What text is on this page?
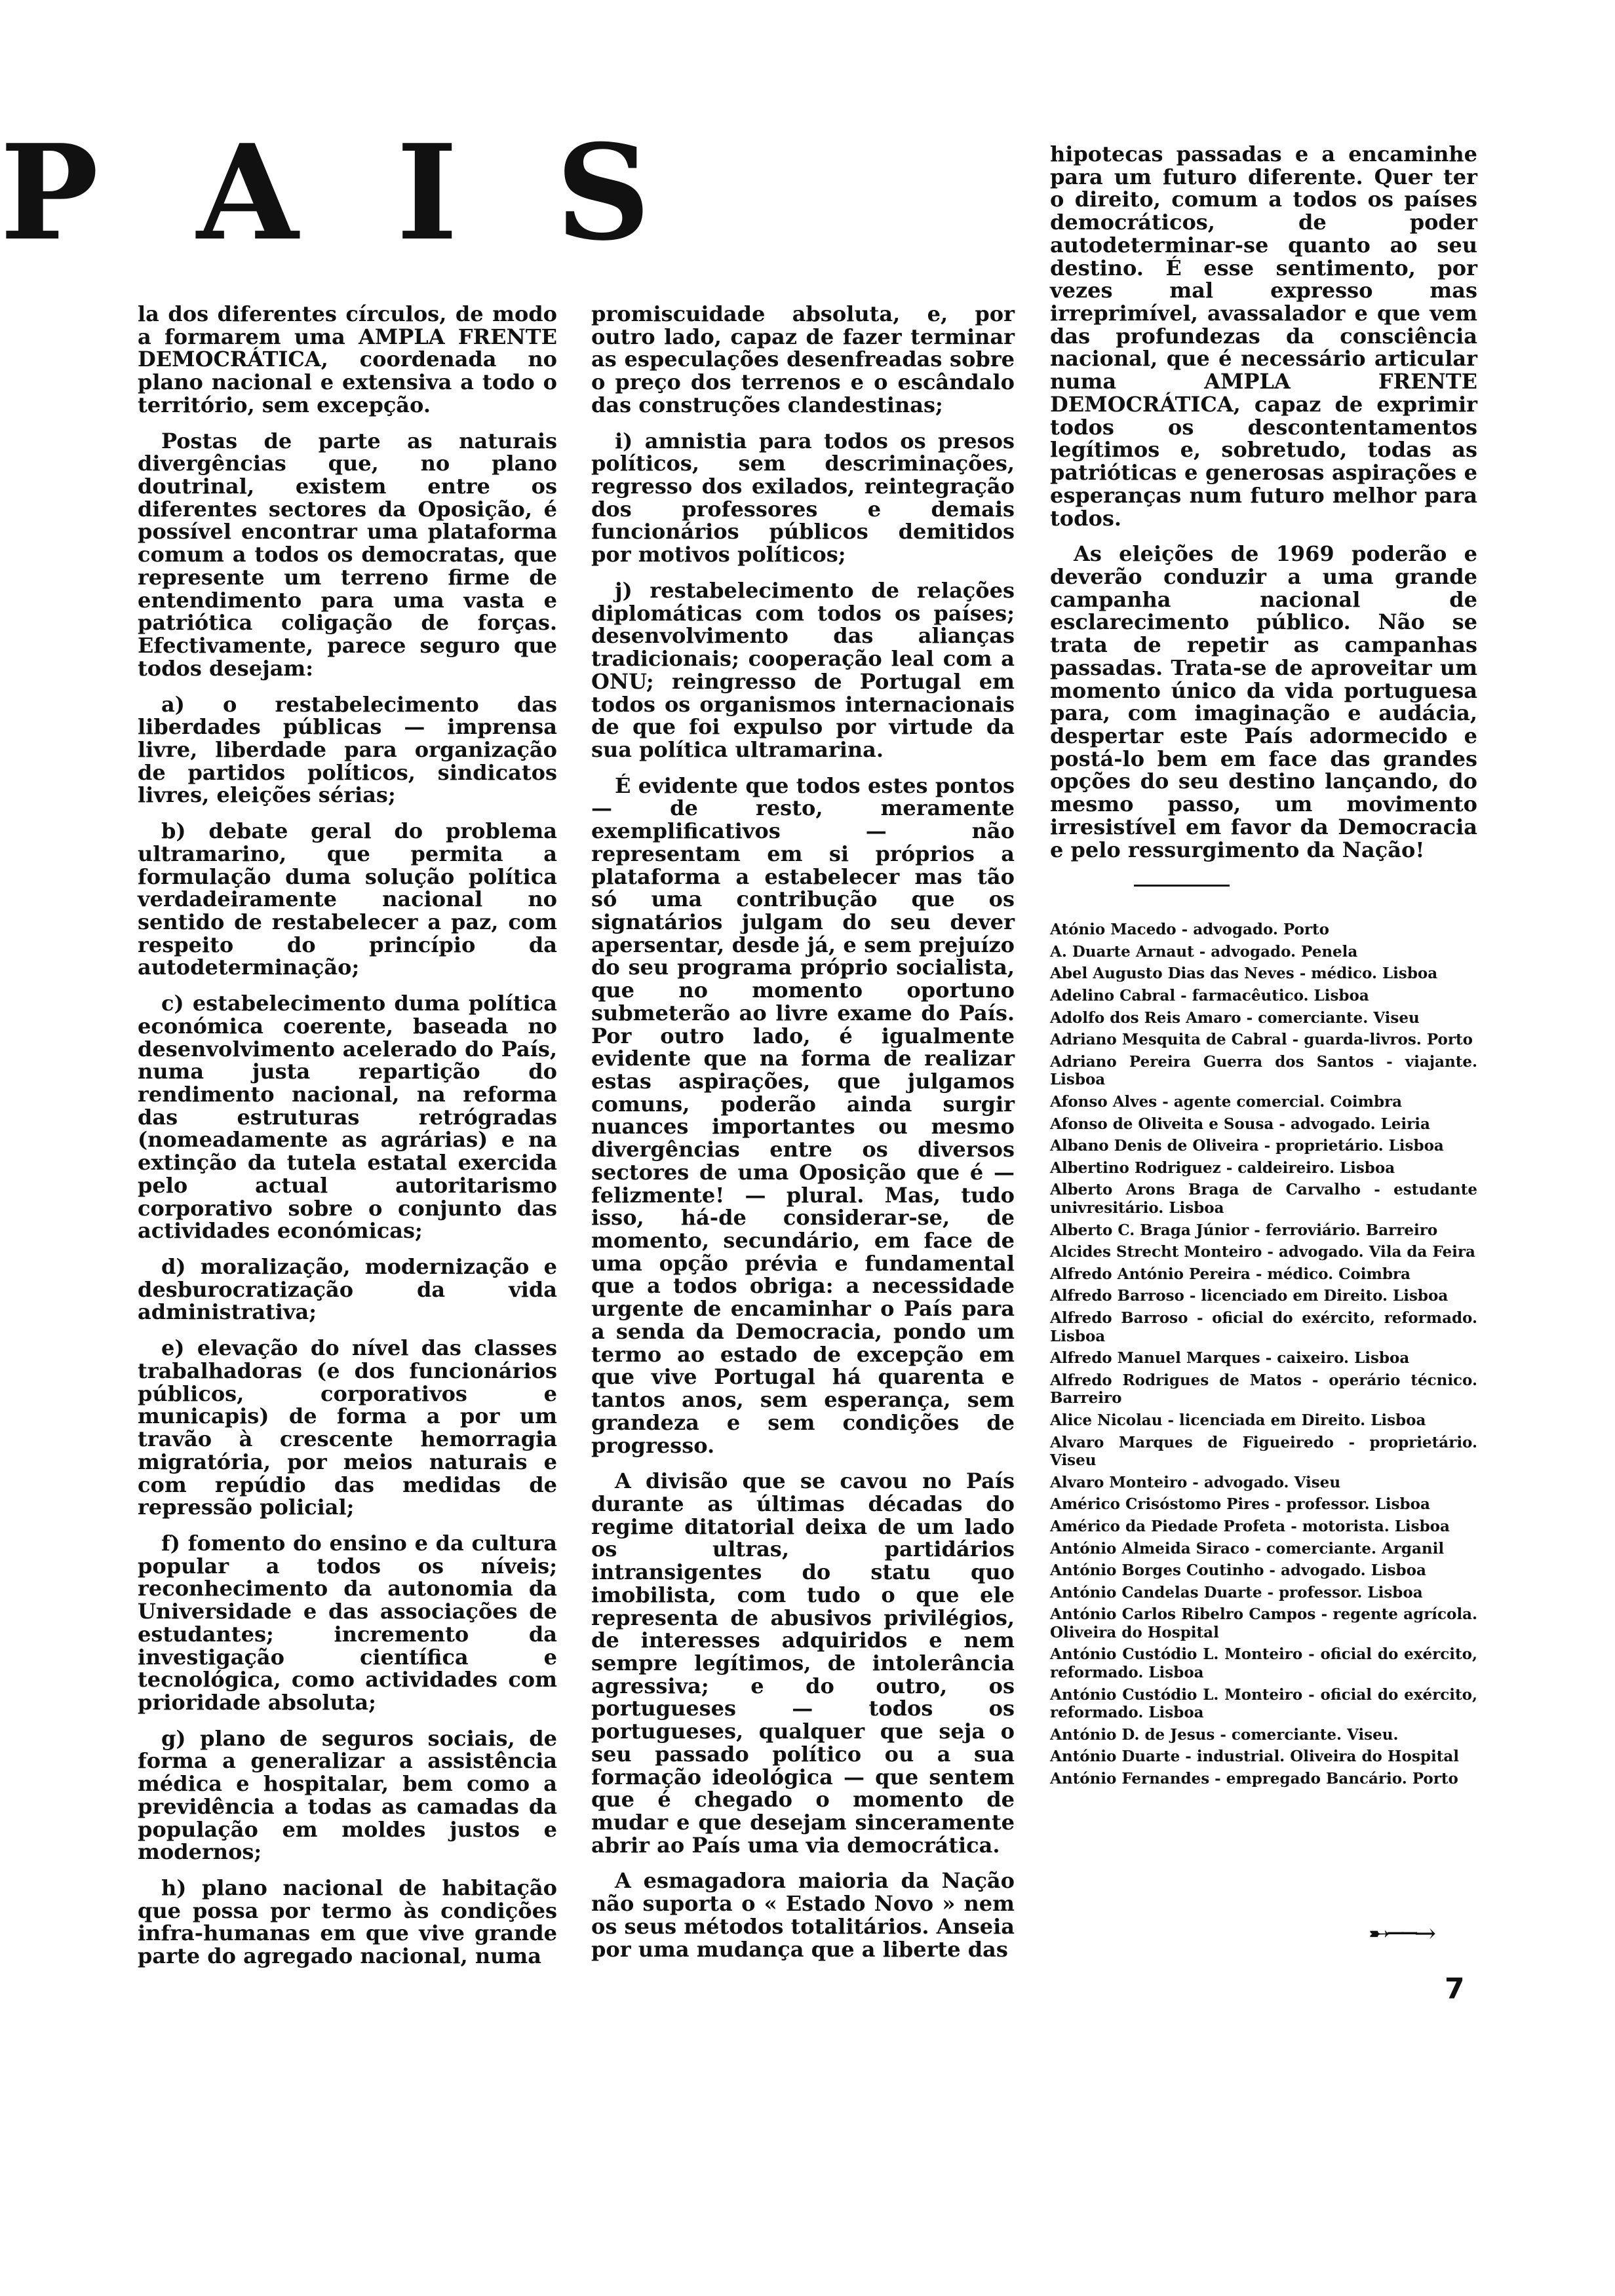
P A I S

la dos diferentes círculos, de modo a formarem uma AMPLA FRENTE DEMOCRÁTICA, coordenada no plano nacional e extensiva a todo o território, sem excepção.

Postas de parte as naturais divergências que, no plano doutrinal, existem entre os diferentes sectores da Oposição, é possível encontrar uma plataforma comum a todos os democratas, que represente um terreno firme de entendimento para uma vasta e patriótica coligação de forças. Efectivamente, parece seguro que todos desejam:

a) o restabelecimento das liberdades públicas — imprensa livre, liberdade para organização de partidos políticos, sindicatos livres, eleições sérias;

b) debate geral do problema ultramarino, que permita a formulação duma solução política verdadeiramente nacional no sentido de restabelecer a paz, com respeito do princípio da autodeterminação;

c) estabelecimento duma política económica coerente, baseada no desenvolvimento acelerado do País, numa justa repartição do rendimento nacional, na reforma das estruturas retrógradas (nomeadamente as agrárias) e na extinção da tutela estatal exercida pelo actual autoritarismo corporativo sobre o conjunto das actividades económicas;

d) moralização, modernização e desburocratização da vida administrativa;

e) elevação do nível das classes trabalhadoras (e dos funcionários públicos, corporativos e municapis) de forma a por um travão à crescente hemorragia migratória, por meios naturais e com repúdio das medidas de repressão policial;

f) fomento do ensino e da cultura popular a todos os níveis; reconhecimento da autonomia da Universidade e das associações de estudantes; incremento da investigação científica e tecnológica, como actividades com prioridade absoluta;

g) plano de seguros sociais, de forma a generalizar a assistência médica e hospitalar, bem como a previdência a todas as camadas da população em moldes justos e modernos;

h) plano nacional de habitação que possa por termo às condições infra-humanas em que vive grande parte do agregado nacional, numa

promiscuidade absoluta, e, por outro lado, capaz de fazer terminar as especulações desenfreadas sobre o preço dos terrenos e o escândalo das construções clandestinas;

i) amnistia para todos os presos políticos, sem descriminações, regresso dos exilados, reintegração dos professores e demais funcionários públicos demitidos por motivos políticos;

j) restabelecimento de relações diplomáticas com todos os países; desenvolvimento das alianças tradicionais; cooperação leal com a ONU; reingresso de Portugal em todos os organismos internacionais de que foi expulso por virtude da sua política ultramarina.

É evidente que todos estes pontos — de resto, meramente exemplificativos — não representam em si próprios a plataforma a estabelecer mas tão só uma contribução que os signatários julgam do seu dever apersentar, desde já, e sem prejuízo do seu programa próprio socialista, que no momento oportuno submeterão ao livre exame do País. Por outro lado, é igualmente evidente que na forma de realizar estas aspirações, que julgamos comuns, poderão ainda surgir nuances importantes ou mesmo divergências entre os diversos sectores de uma Oposição que é — felizmente! — plural. Mas, tudo isso, há-de considerar-se, de momento, secundário, em face de uma opção prévia e fundamental que a todos obriga: a necessidade urgente de encaminhar o País para a senda da Democracia, pondo um termo ao estado de excepção em que vive Portugal há quarenta e tantos anos, sem esperança, sem grandeza e sem condições de progresso.

A divisão que se cavou no País durante as últimas décadas do regime ditatorial deixa de um lado os ultras, partidários intransigentes do statu quo imobilista, com tudo o que ele representa de abusivos privilégios, de interesses adquiridos e nem sempre legítimos, de intolerância agressiva; e do outro, os portugueses — todos os portugueses, qualquer que seja o seu passado político ou a sua formação ideológica — que sentem que é chegado o momento de mudar e que desejam sinceramente abrir ao País uma via democrática.

A esmagadora maioria da Nação não suporta o « Estado Novo » nem os seus métodos totalitários. Anseia por uma mudança que a liberte das

hipotecas passadas e a encaminhe para um futuro diferente. Quer ter o direito, comum a todos os países democráticos, de poder autodeterminar-se quanto ao seu destino. É esse sentimento, por vezes mal expresso mas irreprimível, avassalador e que vem das profundezas da consciência nacional, que é necessário articular numa AMPLA FRENTE DEMOCRÁTICA, capaz de exprimir todos os descontentamentos legítimos e, sobretudo, todas as patrióticas e generosas aspirações e esperanças num futuro melhor para todos.

As eleições de 1969 poderão e deverão conduzir a uma grande campanha nacional de esclarecimento público. Não se trata de repetir as campanhas passadas. Trata-se de aproveitar um momento único da vida portuguesa para, com imaginação e audácia, despertar este País adormecido e postá-lo bem em face das grandes opções do seu destino lançando, do mesmo passo, um movimento irresistível em favor da Democracia e pelo ressurgimento da Nação!

Atónio Macedo - advogado. Porto
A. Duarte Arnaut - advogado. Penela
Abel Augusto Dias das Neves - médico. Lisboa
Adelino Cabral - farmacêutico. Lisboa
Adolfo dos Reis Amaro - comerciante. Viseu
Adriano Mesquita de Cabral - guarda-livros. Porto
Adriano Pereira Guerra dos Santos - viajante. Lisboa
Afonso Alves - agente comercial. Coimbra
Afonso de Oliveita e Sousa - advogado. Leiria
Albano Denis de Oliveira - proprietário. Lisboa
Albertino Rodriguez - caldeireiro. Lisboa
Alberto Arons Braga de Carvalho - estudante univresitário. Lisboa
Alberto C. Braga Júnior - ferroviário. Barreiro
Alcides Strecht Monteiro - advogado. Vila da Feira
Alfredo António Pereira - médico. Coimbra
Alfredo Barroso - licenciado em Direito. Lisboa
Alfredo Barroso - oficial do exército, reformado. Lisboa
Alfredo Manuel Marques - caixeiro. Lisboa
Alfredo Rodrigues de Matos - operário técnico. Barreiro
Alice Nicolau - licenciada em Direito. Lisboa
Alvaro Marques de Figueiredo - proprietário. Viseu
Alvaro Monteiro - advogado. Viseu
Américo Crisóstomo Pires - professor. Lisboa
Américo da Piedade Profeta - motorista. Lisboa
António Almeida Siraco - comerciante. Arganil
António Borges Coutinho - advogado. Lisboa
António Candelas Duarte - professor. Lisboa
António Carlos Ribelro Campos - regente agrícola. Oliveira do Hospital
António Custódio L. Monteiro - oficial do exército, reformado. Lisboa
António Custódio L. Monteiro - oficial do exército, reformado. Lisboa
António D. de Jesus - comerciante. Viseu.
António Duarte - industrial. Oliveira do Hospital
António Fernandes - empregado Bancário. Porto
➸──→
7
